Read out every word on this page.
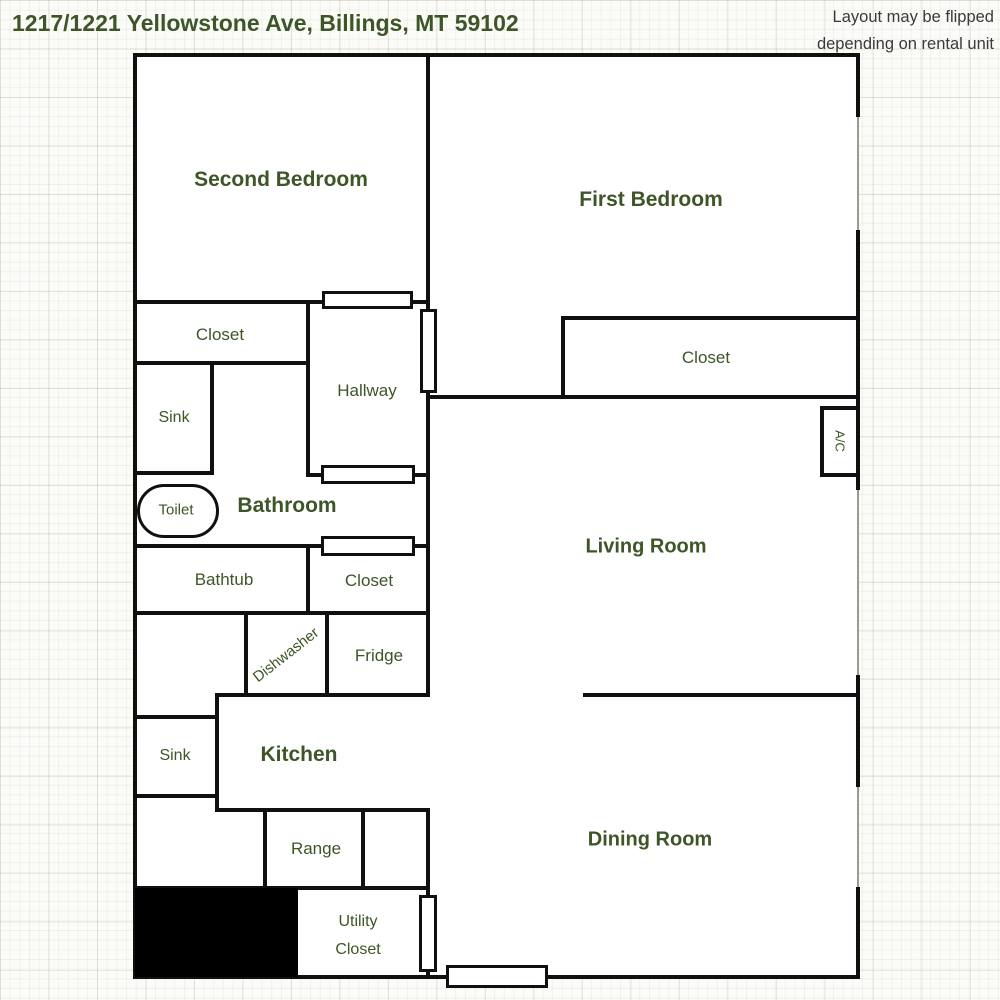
1217/1221 Yellowstone Ave, Billings, MT 59102	Layout may be flipped
depending on rental unit
Second Bedroom
First Bedroom
Closet
Closet
Hallway
Sink
Bathroom
Toilet
Bathtub	Closet
Living Room
A/C
Dishwasher Fridge
Kitchen
Sink
Range	Dining Room
Utility
Closet
